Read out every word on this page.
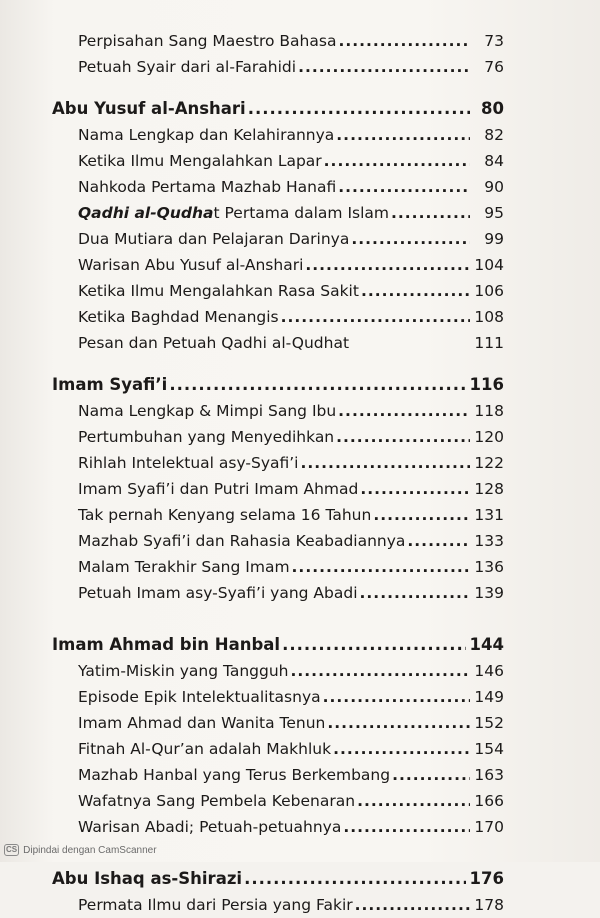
Perpisahan Sang Maestro Bahasa .....	73
Petuah Syair dari al-Farahidi .....	76
Abu Yusuf al-Anshari .....	80
Nama Lengkap dan Kelahirannya .....	82
Ketika Ilmu Mengalahkan Lapar .....	84
Nahkoda Pertama Mazhab Hanafi .....	90
Qadhi al-Qudhat Pertama dalam Islam .....	95
Dua Mutiara dan Pelajaran Darinya .....	99
Warisan Abu Yusuf al-Anshari .....	104
Ketika Ilmu Mengalahkan Rasa Sakit .....	106
Ketika Baghdad Menangis .....	108
Pesan dan Petuah Qadhi al-Qudhat	111
Imam Syafi’i .....	116
Nama Lengkap & Mimpi Sang Ibu .....	118
Pertumbuhan yang Menyedihkan .....	120
Rihlah Intelektual asy-Syafi’i .....	122
Imam Syafi’i dan Putri Imam Ahmad .....	128
Tak pernah Kenyang selama 16 Tahun .....	131
Mazhab Syafi’i dan Rahasia Keabadiannya .....	133
Malam Terakhir Sang Imam .....	136
Petuah Imam asy-Syafi’i yang Abadi .....	139
Imam Ahmad bin Hanbal .....	144
Yatim-Miskin yang Tangguh .....	146
Episode Epik Intelektualitasnya .....	149
Imam Ahmad dan Wanita Tenun .....	152
Fitnah Al-Qur’an adalah Makhluk .....	154
Mazhab Hanbal yang Terus Berkembang .....	163
Wafatnya Sang Pembela Kebenaran .....	166
Warisan Abadi; Petuah-petuahnya .....	170
Abu Ishaq as-Shirazi .....	176
Permata Ilmu dari Persia yang Fakir .....	178
CS Dipindai dengan CamScanner
